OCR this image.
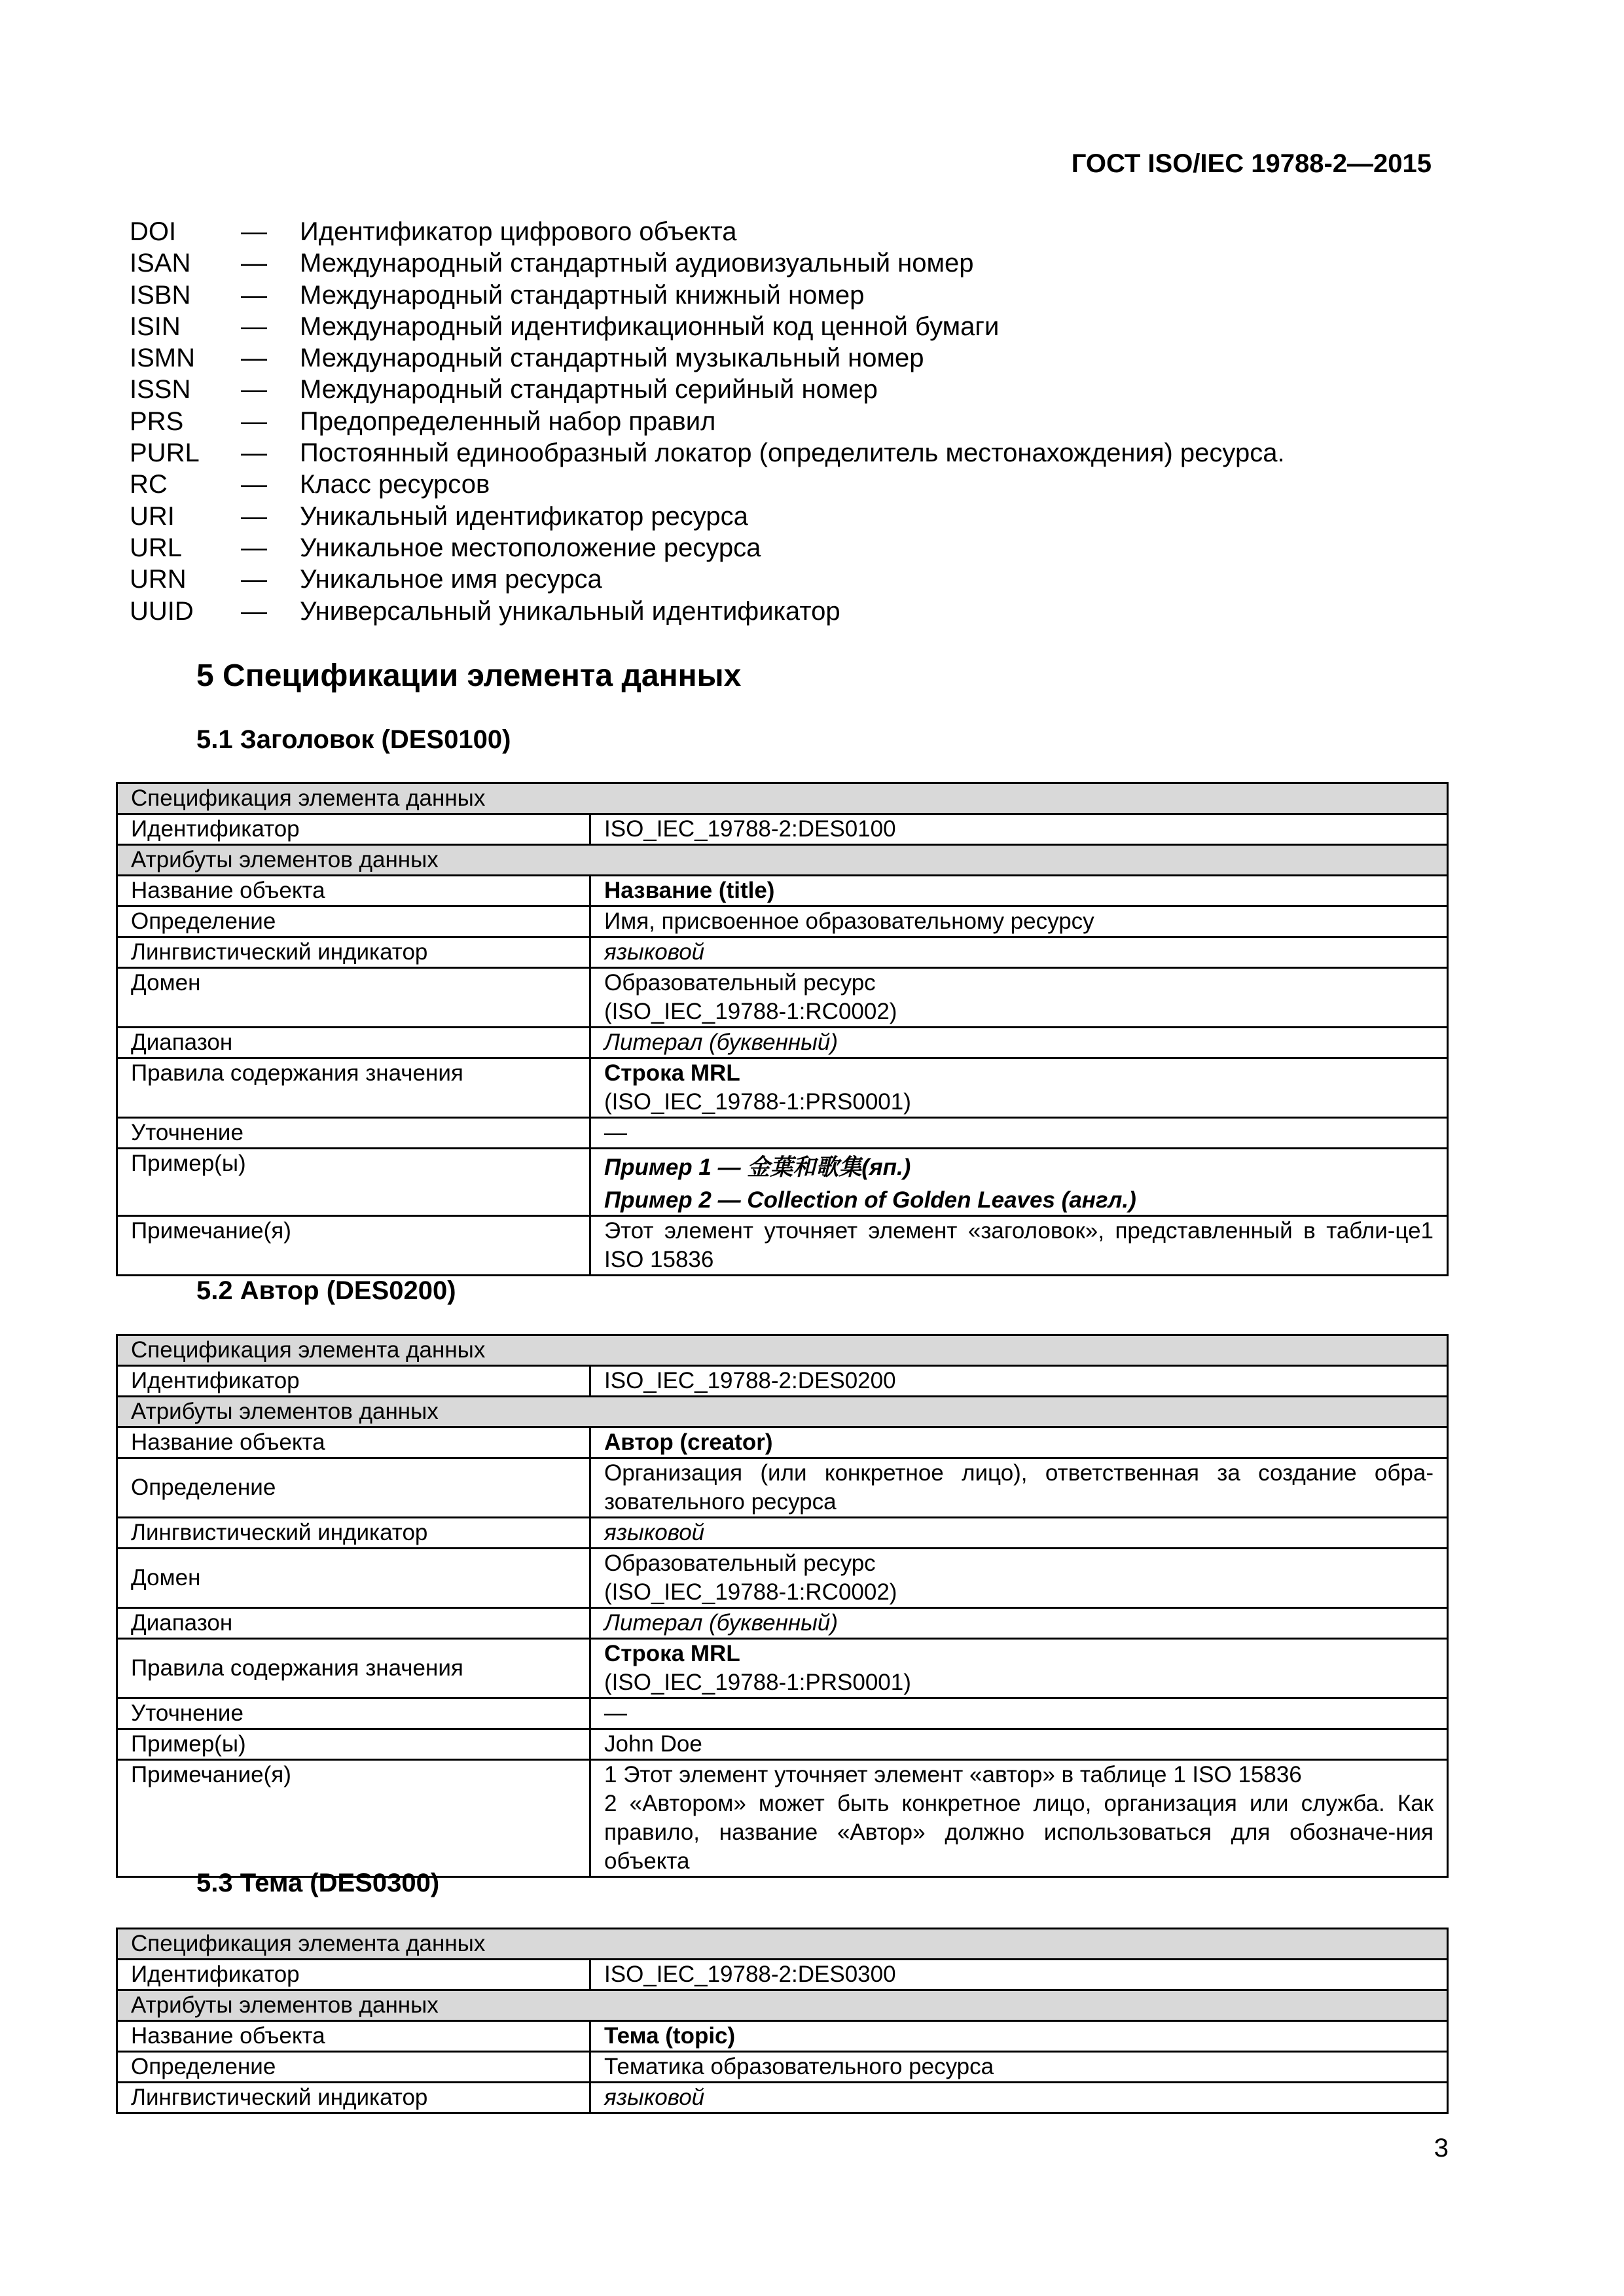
ГОСТ ISO/IEC 19788-2—2015
DOI — Идентификатор цифрового объекта
ISAN — Международный стандартный аудиовизуальный номер
ISBN — Международный стандартный книжный номер
ISIN — Международный идентификационный код ценной бумаги
ISMN — Международный стандартный музыкальный номер
ISSN — Международный стандартный серийный номер
PRS — Предопределенный набор правил
PURL — Постоянный единообразный локатор (определитель местонахождения) ресурса.
RC	— Класс ресурсов
URI	— Уникальный идентификатор ресурса
URL — Уникальное местоположение ресурса
URN — Уникальное имя ресурса
UUID — Универсальный уникальный идентификатор
5 Спецификации элемента данных
5.1 Заголовок (DES0100)
Спецификация элемента данных	
Идентификатор	ISO_IEC_19788-2:DES0100
Атрибуты элементов данных	
Название объекта	Название (title)
Определение	Имя, присвоенное образовательному ресурсу
Лингвистический индикатор	языковой
Домен	Образовательный ресурс
(ISO_IEC_19788-1:RC0002)

Диапазон	Литерал (буквенный)
Правила содержания значения	Строка MRL
(ISO_IEC_19788-1:PRS0001)

Уточнение	—
Пример(ы)	Пример 1 — 金葉和歌集(яп.)
Пример 2 — Collection of Golden Leaves (англ.)

Примечание(я)	Этот элемент уточняет элемент «заголовок», представленный в табли-це1 ISO 15836
5.2 Автор (DES0200)
Спецификация элемента данных	
Идентификатор	ISO_IEC_19788-2:DES0200
Атрибуты элементов данных	
Название объекта	Автор (creator)
Определение	Организация (или конкретное лицо), ответственная за создание обра-зовательного ресурса
Лингвистический индикатор	языковой
Домен	Образовательный ресурс
(ISO_IEC_19788-1:RC0002)

Диапазон	Литерал (буквенный)
Правила содержания значения	Строка MRL
(ISO_IEC_19788-1:PRS0001)

Уточнение	—
Пример(ы)	John Doe
Примечание(я)	1 Этот элемент уточняет элемент «автор» в таблице 1 ISO 15836
2 «Автором» может быть конкретное лицо, организация или служба. Как правило, название «Автор» должно использоваться для обозначе-ния объекта
5.3 Тема (DES0300)
Спецификация элемента данных	
Идентификатор	ISO_IEC_19788-2:DES0300
Атрибуты элементов данных	
Название объекта	Тема (topic)
Определение	Тематика образовательного ресурса
Лингвистический индикатор	языковой
3
